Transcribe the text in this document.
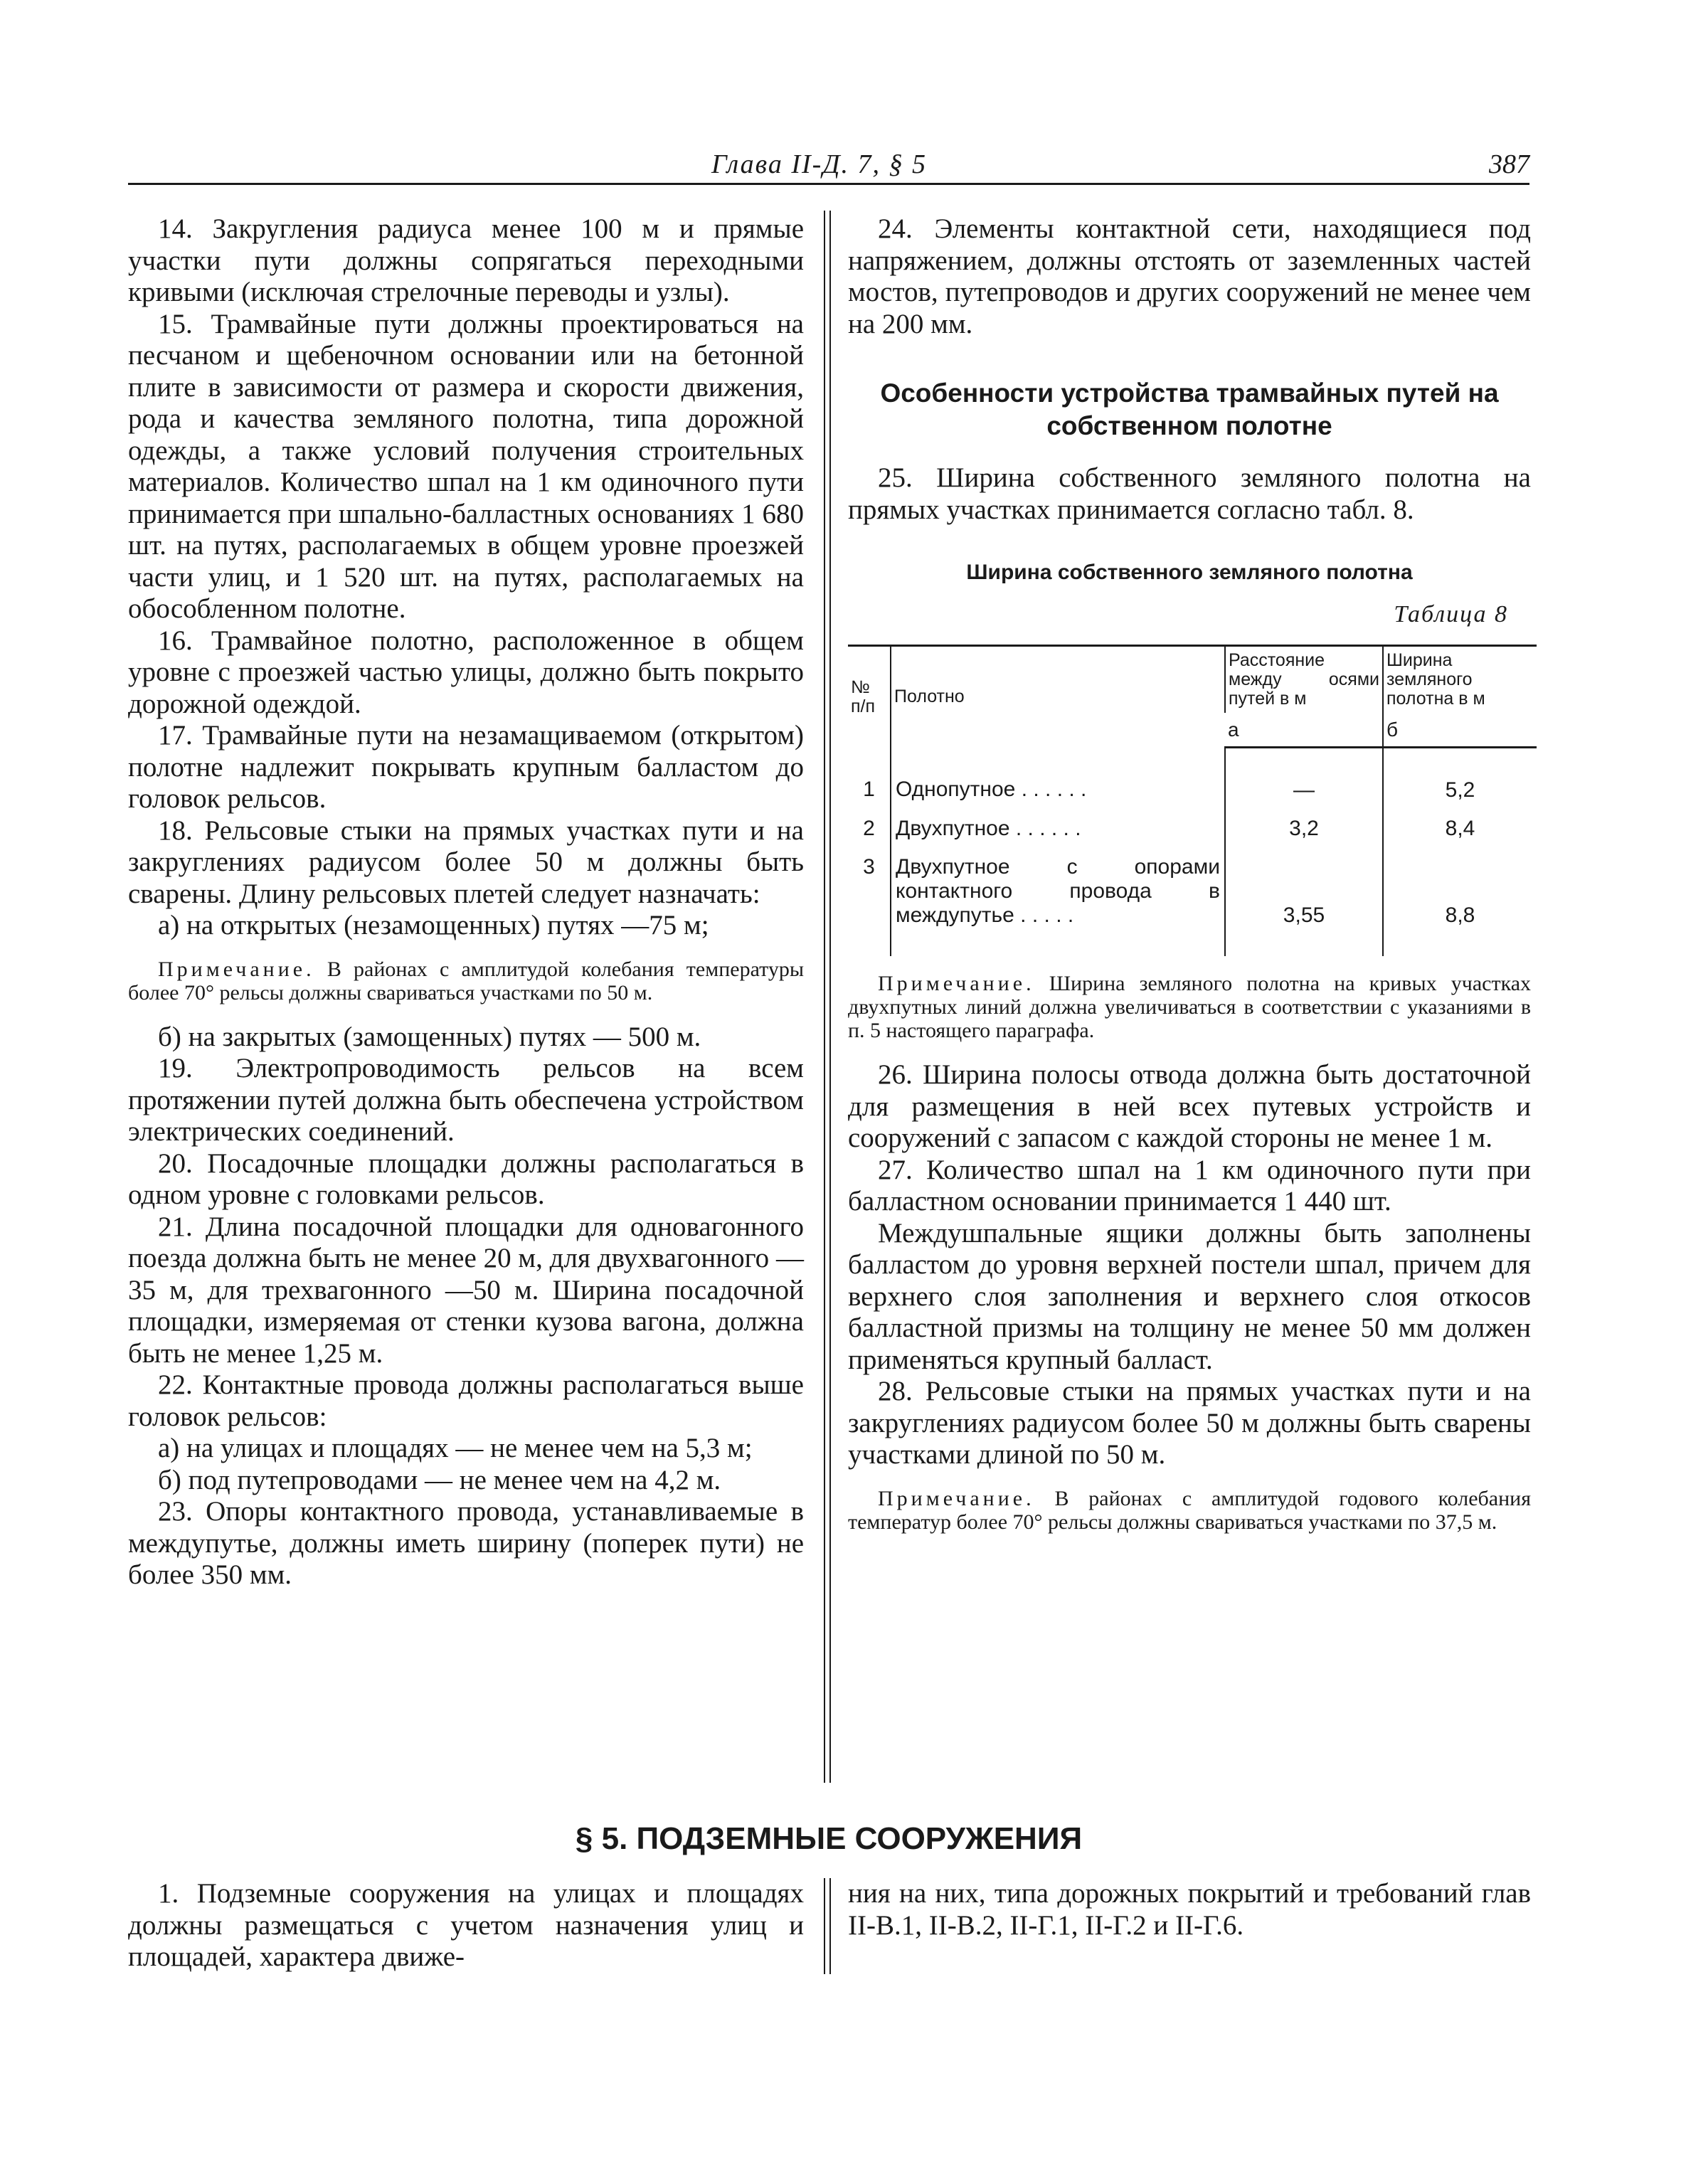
Глава II-Д. 7, § 5	387

14. Закругления радиуса менее 100 м и прямые участки пути должны сопрягаться переходными кривыми (исключая стрелочные переводы и узлы).

15. Трамвайные пути должны проектироваться на песчаном и щебеночном основании или на бетонной плите в зависимости от размера и скорости движения, рода и качества земляного полотна, типа дорожной одежды, а также условий получения строительных материалов. Количество шпал на 1 км одиночного пути принимается при шпально-балластных основаниях 1 680 шт. на путях, располагаемых в общем уровне проезжей части улиц, и 1 520 шт. на путях, располагаемых на обособленном полотне.

16. Трамвайное полотно, расположенное в общем уровне с проезжей частью улицы, должно быть покрыто дорожной одеждой.

17. Трамвайные пути на незамащиваемом (открытом) полотне надлежит покрывать крупным балластом до головок рельсов.

18. Рельсовые стыки на прямых участках пути и на закруглениях радиусом более 50 м должны быть сварены. Длину рельсовых плетей следует назначать:

а) на открытых (незамощенных) путях —75 м;

Примечание. В районах с амплитудой колебания температуры более 70° рельсы должны свариваться участками по 50 м.

б) на закрытых (замощенных) путях — 500 м.

19. Электропроводимость рельсов на всем протяжении путей должна быть обеспечена устройством электрических соединений.

20. Посадочные площадки должны располагаться в одном уровне с головками рельсов.

21. Длина посадочной площадки для одновагонного поезда должна быть не менее 20 м, для двухвагонного —35 м, для трехвагонного —50 м. Ширина посадочной площадки, измеряемая от стенки кузова вагона, должна быть не менее 1,25 м.

22. Контактные провода должны располагаться выше головок рельсов:

а) на улицах и площадях — не менее чем на 5,3 м;

б) под путепроводами — не менее чем на 4,2 м.

23. Опоры контактного провода, устанавливаемые в междупутье, должны иметь ширину (поперек пути) не более 350 мм.

24. Элементы контактной сети, находящиеся под напряжением, должны отстоять от заземленных частей мостов, путепроводов и других сооружений не менее чем на 200 мм.

Особенности устройства трамвайных путей на собственном полотне

25. Ширина собственного земляного полотна на прямых участках принимается согласно табл. 8.

Ширина собственного земляного полотна
Таблица 8
№ п/п	Полотно	Расстояние между осями путей в м	Ширина земляного полотна в м
		а	б
1	Однопутное . . . . . .	—	5,2
2	Двухпутное . . . . . .	3,2	8,4
3	Двухпутное с опорами контактного провода в междупутье . . . . .	3,55	8,8
Примечание. Ширина земляного полотна на кривых участках двухпутных линий должна увеличиваться в соответствии с указаниями в п. 5 настоящего параграфа.

26. Ширина полосы отвода должна быть достаточной для размещения в ней всех путевых устройств и сооружений с запасом с каждой стороны не менее 1 м.

27. Количество шпал на 1 км одиночного пути при балластном основании принимается 1 440 шт.

Междушпальные ящики должны быть заполнены балластом до уровня верхней постели шпал, причем для верхнего слоя заполнения и верхнего слоя откосов балластной призмы на толщину не менее 50 мм должен применяться крупный балласт.

28. Рельсовые стыки на прямых участках пути и на закруглениях радиусом более 50 м должны быть сварены участками длиной по 50 м.

Примечание. В районах с амплитудой годового колебания температур более 70° рельсы должны свариваться участками по 37,5 м.
§ 5. ПОДЗЕМНЫЕ СООРУЖЕНИЯ

1. Подземные сооружения на улицах и площадях должны размещаться с учетом назначения улиц и площадей, характера движе-

ния на них, типа дорожных покрытий и требований глав II-В.1, II-В.2, II-Г.1, II-Г.2 и II-Г.6.
